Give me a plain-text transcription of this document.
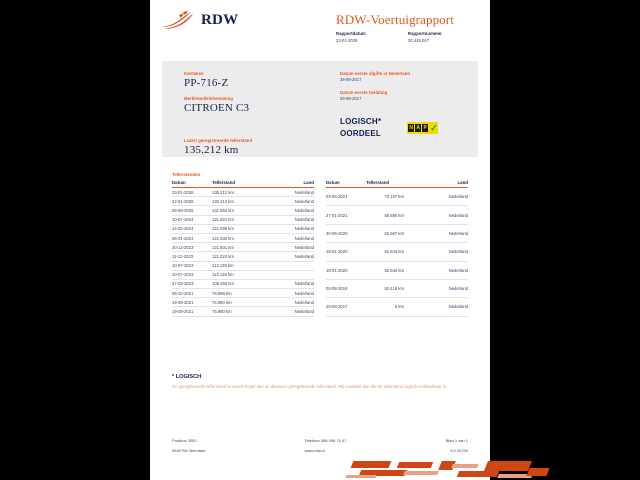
RDW	RDW-Voertuigrapport
Rapportdatum
23-01-2026
Rapportnummer
30.415.047
Kenteken
PP-716-Z
Merk/Handelsbenaming
CITROEN C3
Laatst geregistreerde tellerstand
135.212 km
Datum eerste afgifte in Nederland
26-08-2017
Datum eerste toelating
26-08-2017
LOGISCH*
OORDEEL
N A P ✓
Tellerstanden
Datum	Tellerstand	Land
23-01-2026	135.212 km	Nederland
22-01-2026	135.212 km	Nederland
25-08-2025	131.854 km	Nederland
10-07-2024	121.922 km	Nederland
14-02-2024	121.896 km	Nederland
26-01-2024	121.530 km	Nederland
20-12-2023	121.501 km	Nederland
11-12-2023	121.022 km	Nederland
10-07-2023	113.139 km	
10-07-2023	113.139 km	
27-03-2023	108.266 km	Nederland
05-10-2021	78.598 km	Nederland
19-08-2021	75.980 km	Nederland
19-08-2021	75.980 km	Nederland
Datum	Tellerstand	Land
04-05-2021	70.197 km	Nederland
27-01-2021	66.590 km	Nederland
30-09-2020	62.667 km	Nederland
18-01-2020	52.643 km	Nederland
18-01-2020	52.642 km	Nederland
02-08-2019	52.419 km	Nederland
26-08-2017	5 km	Nederland
* LOGISCH
De geregistreerde tellerstand is steeds hoger dan de daarvoor geregistreerde tellerstand. Wij oordelen dan dat de tellerstand logisch verklaarbaar is.
Postbus 3000
9640 RA Veendam
Telefoon 088 008 74 47
www.rdw.nl
Blad 1 van 1
3.0 10732
